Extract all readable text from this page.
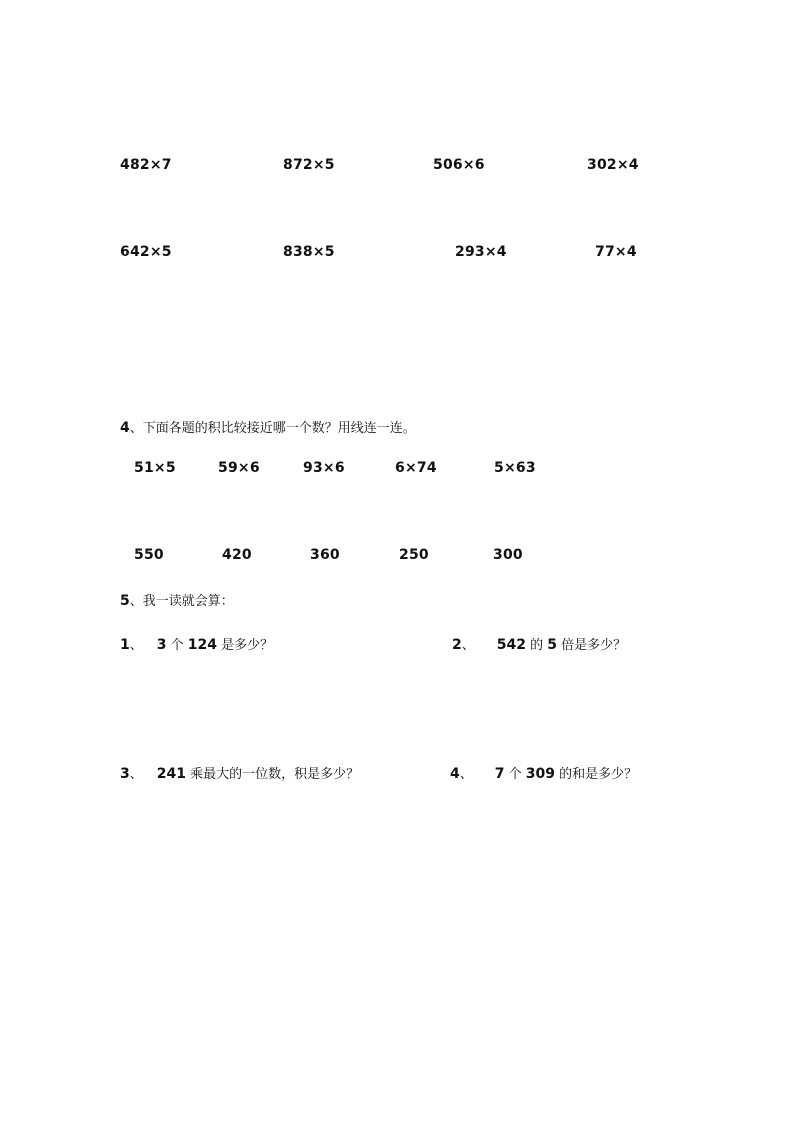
482×7	872×5	506×6	302×4
642×5	838×5	293×4	77×4
4、下面各题的积比较接近哪一个数？用线连一连。
51×5	59×6	93×6	6×74	5×63
550	420	360	250	300
5、我一读就会算：
1、 3 个 124 是多少？	2、 542 的 5 倍是多少？
3、 241 乘最大的一位数，积是多少？	4、 7 个 309 的和是多少？
